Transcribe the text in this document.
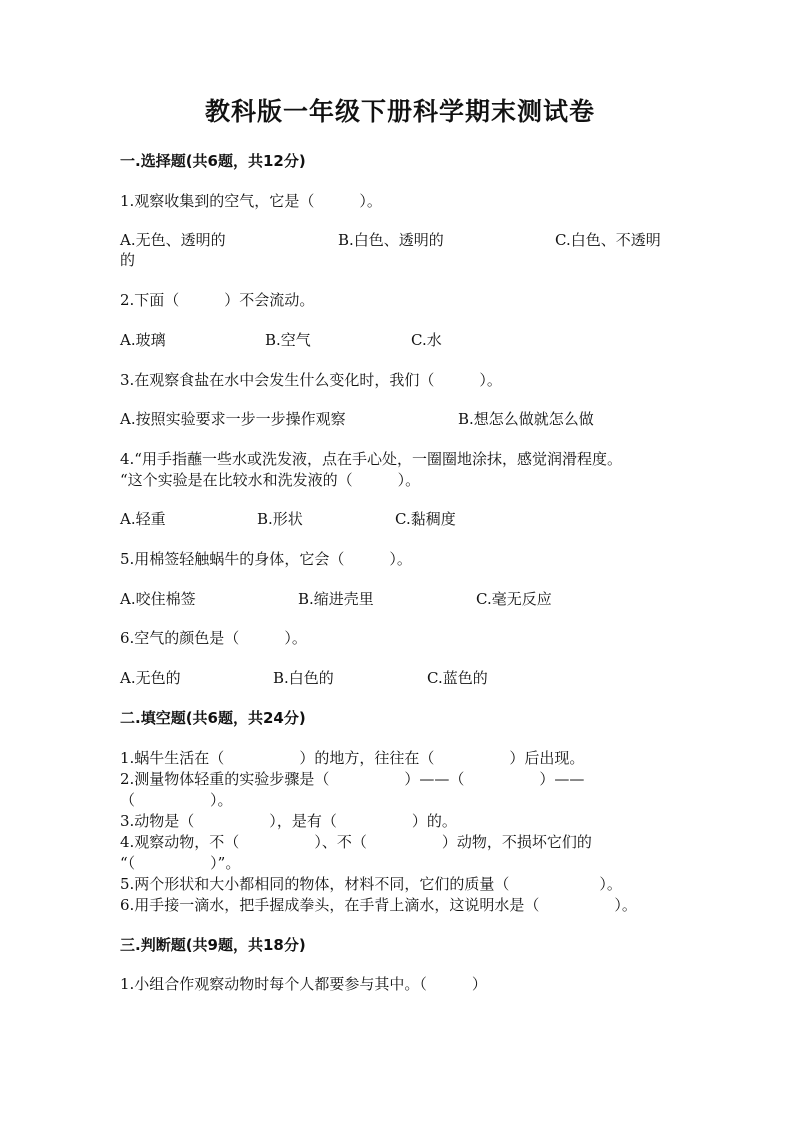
教科版一年级下册科学期末测试卷
一.选择题(共6题，共12分)
1.观察收集到的空气，它是（　　　）。
A.无色、透明的	B.白色、透明的	C.白色、不透明
的
2.下面（　　　）不会流动。
A.玻璃	B.空气	C.水
3.在观察食盐在水中会发生什么变化时，我们（　　　）。
A.按照实验要求一步一步操作观察	B.想怎么做就怎么做
4.“用手指蘸一些水或洗发液，点在手心处，一圈圈地涂抹，感觉润滑程度。
“这个实验是在比较水和洗发液的（　　　）。
A.轻重	B.形状	C.黏稠度
5.用棉签轻触蜗牛的身体，它会（　　　）。
A.咬住棉签	B.缩进壳里	C.毫无反应
6.空气的颜色是（　　　）。
A.无色的	B.白色的	C.蓝色的
二.填空题(共6题，共24分)
1.蜗牛生活在（　　　　　）的地方，往往在（　　　　　）后出现。
2.测量物体轻重的实验步骤是（　　　　　）——（　　　　　）——
（　　　　　）。
3.动物是（　　　　　），是有（　　　　　）的。
4.观察动物，不（　　　　　）、不（　　　　　）动物，不损坏它们的
“（　　　　　）”。
5.两个形状和大小都相同的物体，材料不同，它们的质量（　　　　　　）。
6.用手接一滴水，把手握成拳头，在手背上滴水，这说明水是（　　　　　）。
三.判断题(共9题，共18分)
1.小组合作观察动物时每个人都要参与其中。（　　　）
